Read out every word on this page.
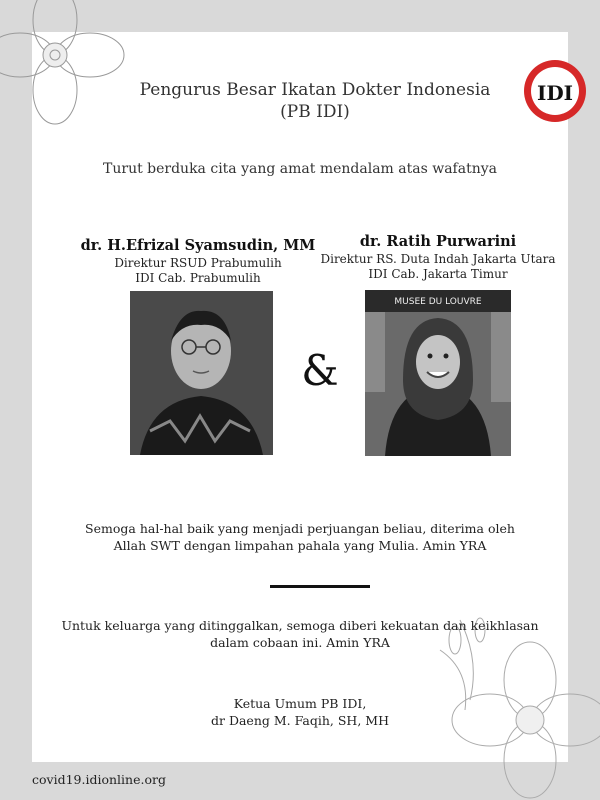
Pengurus Besar Ikatan Dokter Indonesia
(PB IDI)
IDI
Turut berduka cita yang amat mendalam atas wafatnya
dr. H.Efrizal Syamsudin, MM
Direktur RSUD Prabumulih
IDI Cab. Prabumulih
dr. Ratih Purwarini
Direktur RS. Duta Indah Jakarta Utara
IDI Cab. Jakarta Timur
&
MUSEE DU LOUVRE
Semoga hal-hal baik yang menjadi perjuangan beliau, diterima oleh
Allah SWT dengan limpahan pahala yang Mulia. Amin YRA
Untuk keluarga yang ditinggalkan, semoga diberi kekuatan dan keikhlasan
dalam cobaan ini. Amin YRA
Ketua Umum PB IDI,
dr Daeng M. Faqih, SH, MH
covid19.idionline.org
